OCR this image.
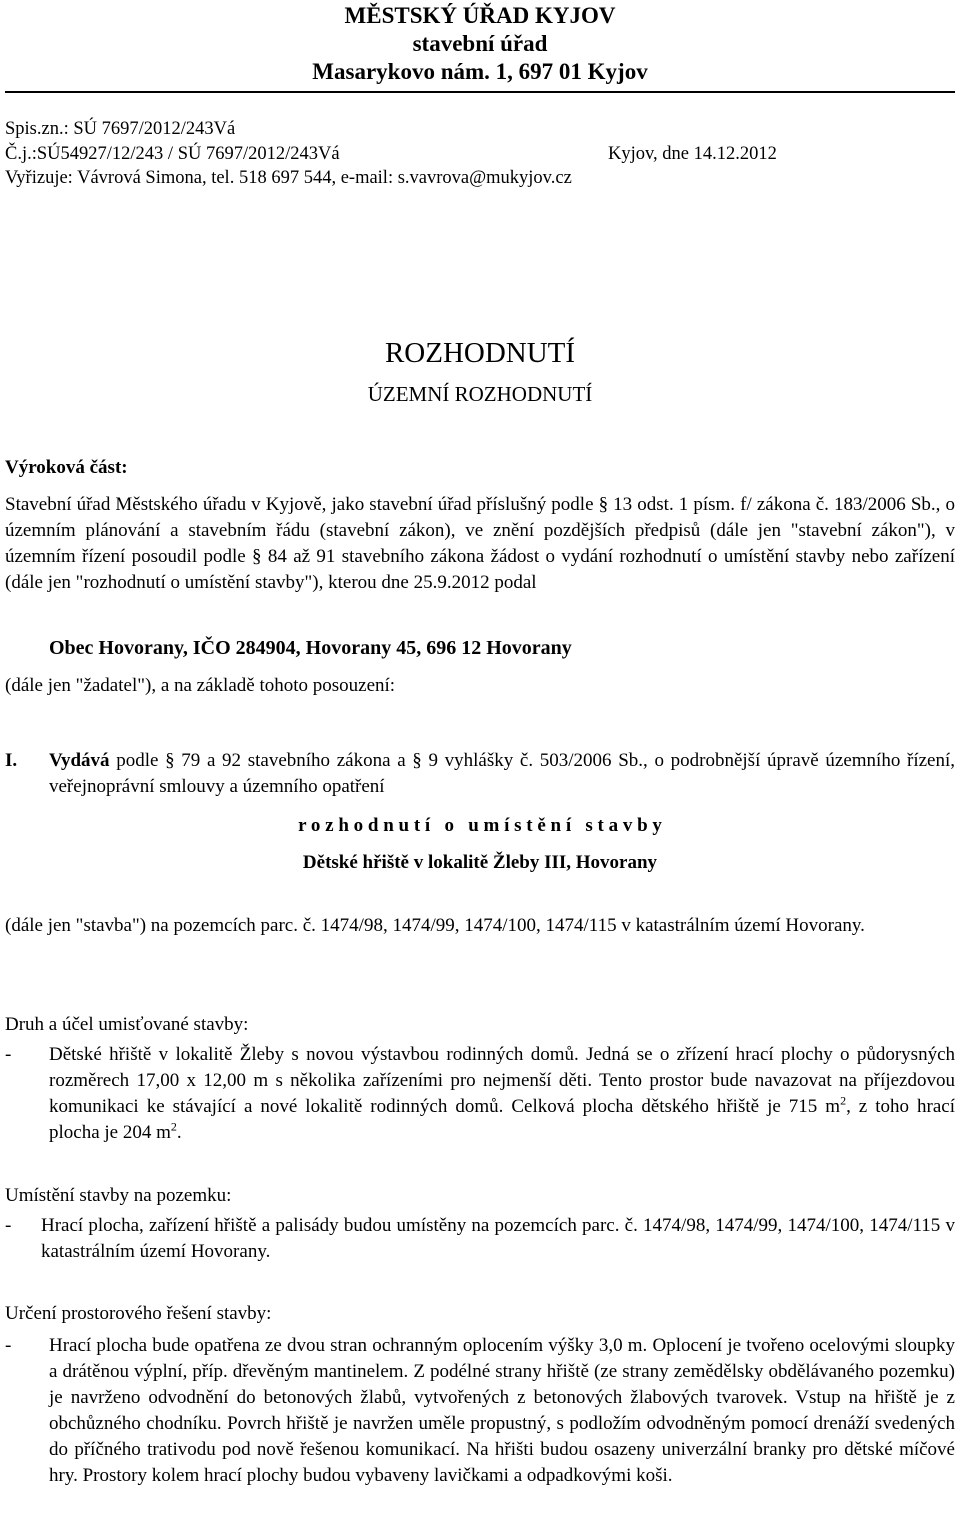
MĚSTSKÝ ÚŘAD KYJOV
stavební úřad
Masarykovo nám. 1, 697 01 Kyjov
Spis.zn.: SÚ 7697/2012/243Vá
Č.j.:SÚ54927/12/243 / SÚ 7697/2012/243Vá	Kyjov, dne 14.12.2012
Vyřizuje: Vávrová Simona, tel. 518 697 544, e-mail: s.vavrova@mukyjov.cz
ROZHODNUTÍ
ÚZEMNÍ ROZHODNUTÍ
Výroková část:
Stavební úřad Městského úřadu v Kyjově, jako stavební úřad příslušný podle § 13 odst. 1 písm. f/ zákona č. 183/2006 Sb., o územním plánování a stavebním řádu (stavební zákon), ve znění pozdějších předpisů (dále jen "stavební zákon"), v územním řízení posoudil podle § 84 až 91 stavebního zákona žádost o vydání rozhodnutí o umístění stavby nebo zařízení (dále jen "rozhodnutí o umístění stavby"), kterou dne 25.9.2012 podal
Obec Hovorany, IČO 284904, Hovorany 45, 696 12 Hovorany
(dále jen "žadatel"), a na základě tohoto posouzení:
I. Vydává podle § 79 a 92 stavebního zákona a § 9 vyhlášky č. 503/2006 Sb., o podrobnější úpravě územního řízení, veřejnoprávní smlouvy a územního opatření
r o z h o d n u t í   o   u m í s t ě n í   s t a v b y
Dětské hřiště v lokalitě Žleby III, Hovorany
(dále jen "stavba") na pozemcích parc. č. 1474/98, 1474/99, 1474/100, 1474/115 v katastrálním území Hovorany.
Druh a účel umisťované stavby:
- Dětské hřiště v lokalitě Žleby s novou výstavbou rodinných domů. Jedná se o zřízení hrací plochy o půdorysných rozměrech 17,00 x 12,00 m s několika zařízeními pro nejmenší děti. Tento prostor bude navazovat na příjezdovou komunikaci ke stávající a nové lokalitě rodinných domů. Celková plocha dětského hřiště je 715 $m^2$, z toho hrací plocha je 204 $m^2$.
Umístění stavby na pozemku:
- Hrací plocha, zařízení hřiště a palisády budou umístěny na pozemcích parc. č. 1474/98, 1474/99, 1474/100, 1474/115 v katastrálním území Hovorany.
Určení prostorového řešení stavby:
- Hrací plocha bude opatřena ze dvou stran ochranným oplocením výšky 3,0 m. Oplocení je tvořeno ocelovými sloupky a drátěnou výplní, příp. dřevěným mantinelem. Z podélné strany hřiště (ze strany zemědělsky obdělávaného pozemku) je navrženo odvodnění do betonových žlabů, vytvořených z betonových žlabových tvarovek. Vstup na hřiště je z obchůzného chodníku. Povrch hřiště je navržen uměle propustný, s podložím odvodněným pomocí drenáží svedených do příčného trativodu pod nově řešenou komunikací. Na hřišti budou osazeny univerzální branky pro dětské míčové hry. Prostory kolem hrací plochy budou vybaveny lavičkami a odpadkovými koši.
